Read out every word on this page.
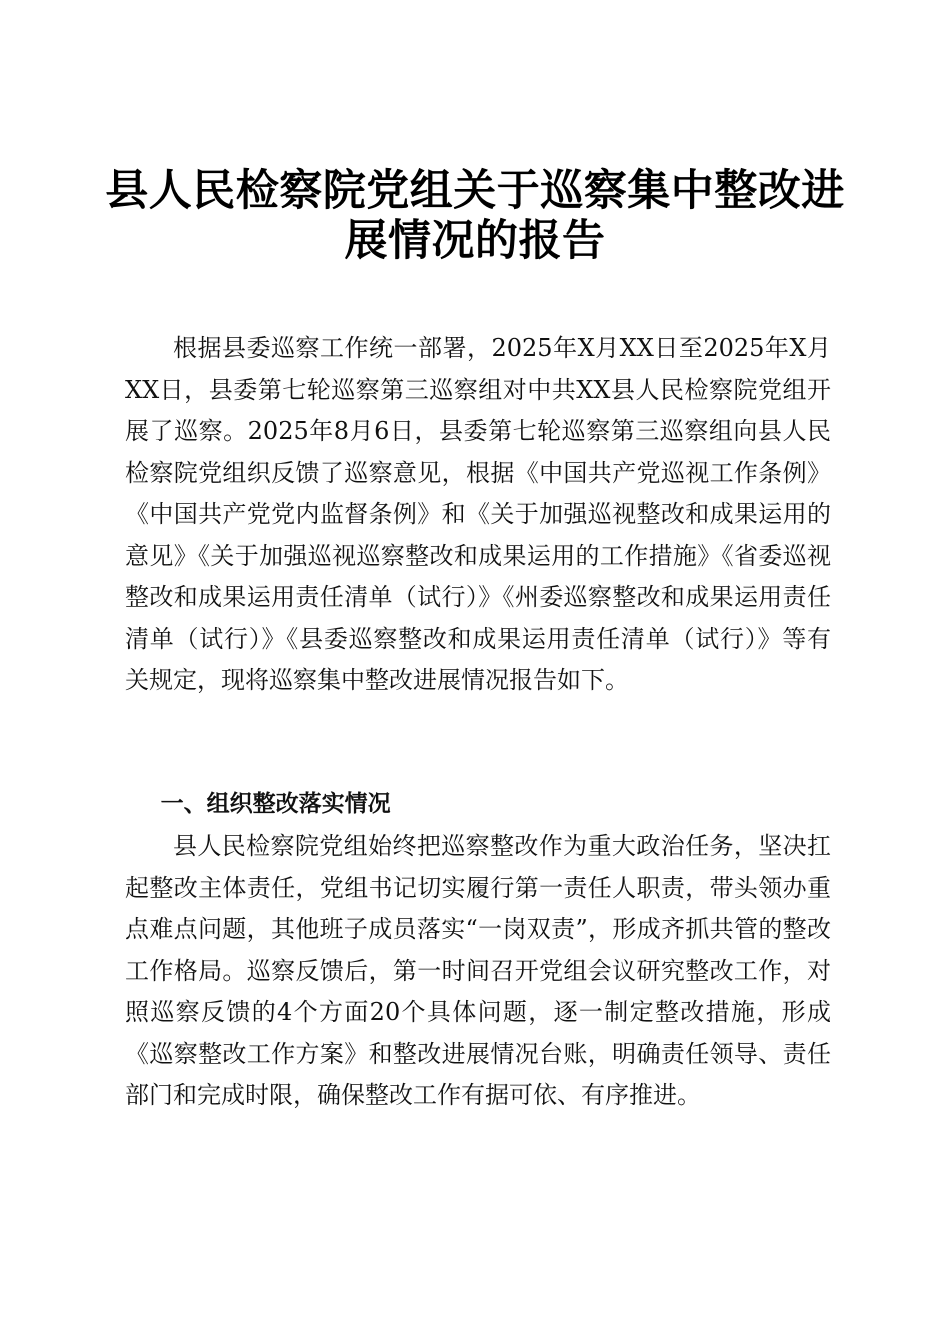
县人民检察院党组关于巡察集中整改进展情况的报告

根据县委巡察工作统一部署，2025年X月XX日至2025年X月XX日，县委第七轮巡察第三巡察组对中共XX县人民检察院党组开展了巡察。2025年8月6日，县委第七轮巡察第三巡察组向县人民检察院党组织反馈了巡察意见，根据《中国共产党巡视工作条例》《中国共产党党内监督条例》和《关于加强巡视整改和成果运用的意见》《关于加强巡视巡察整改和成果运用的工作措施》《省委巡视整改和成果运用责任清单（试行）》《州委巡察整改和成果运用责任清单（试行）》《县委巡察整改和成果运用责任清单（试行）》等有关规定，现将巡察集中整改进展情况报告如下。

一、组织整改落实情况

县人民检察院党组始终把巡察整改作为重大政治任务，坚决扛起整改主体责任，党组书记切实履行第一责任人职责，带头领办重点难点问题，其他班子成员落实“一岗双责”，形成齐抓共管的整改工作格局。巡察反馈后，第一时间召开党组会议研究整改工作，对照巡察反馈的4个方面20个具体问题，逐一制定整改措施，形成《巡察整改工作方案》和整改进展情况台账，明确责任领导、责任部门和完成时限，确保整改工作有据可依、有序推进。
